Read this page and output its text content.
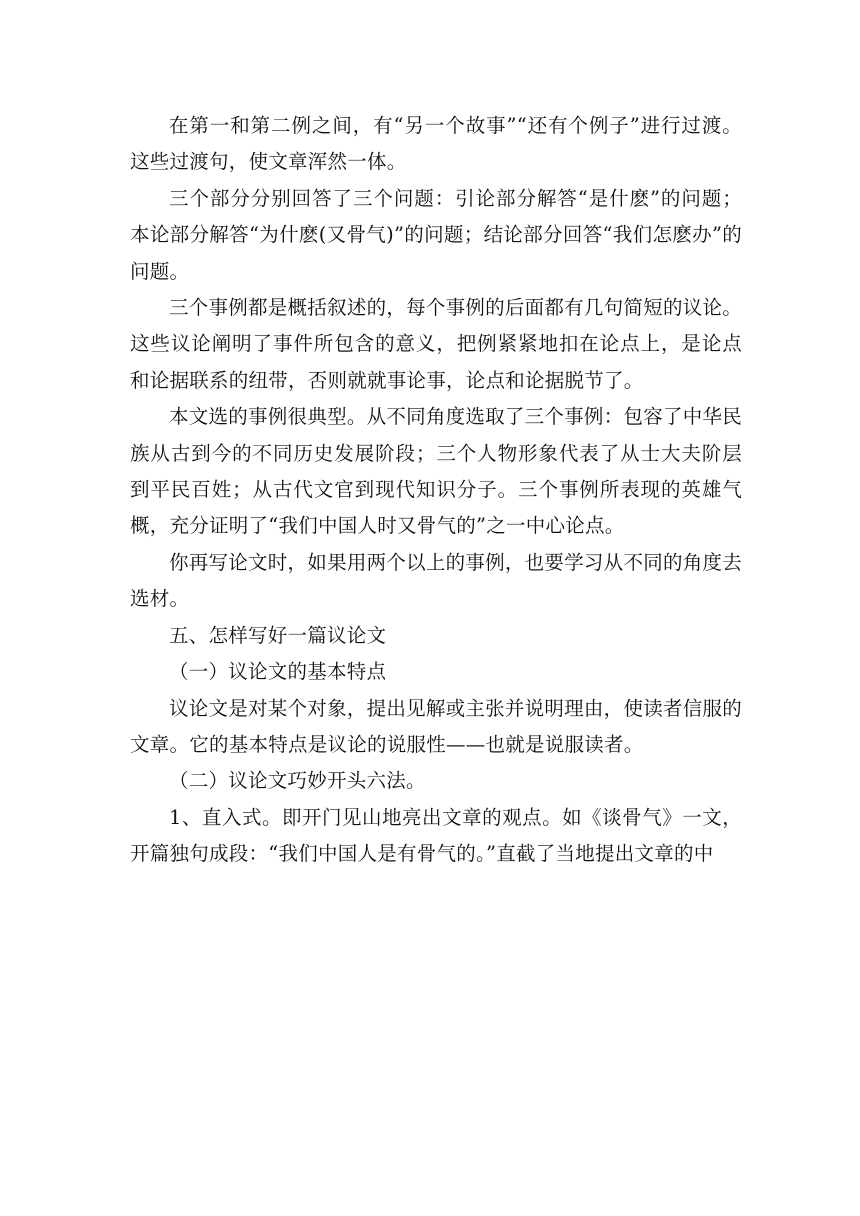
在第一和第二例之间，有“另一个故事”“还有个例子”进行过渡。这些过渡句，使文章浑然一体。

三个部分分别回答了三个问题：引论部分解答“是什麽”的问题；本论部分解答“为什麽(又骨气)”的问题；结论部分回答“我们怎麽办”的问题。

三个事例都是概括叙述的，每个事例的后面都有几句简短的议论。这些议论阐明了事件所包含的意义，把例紧紧地扣在论点上，是论点和论据联系的纽带，否则就就事论事，论点和论据脱节了。

本文选的事例很典型。从不同角度选取了三个事例：包容了中华民族从古到今的不同历史发展阶段；三个人物形象代表了从士大夫阶层到平民百姓；从古代文官到现代知识分子。三个事例所表现的英雄气概，充分证明了“我们中国人时又骨气的”之一中心论点。

你再写论文时，如果用两个以上的事例，也要学习从不同的角度去选材。

五、怎样写好一篇议论文

（一）议论文的基本特点

议论文是对某个对象，提出见解或主张并说明理由，使读者信服的文章。它的基本特点是议论的说服性——也就是说服读者。

（二）议论文巧妙开头六法。

1、直入式。即开门见山地亮出文章的观点。如《谈骨气》一文，开篇独句成段：“我们中国人是有骨气的。”直截了当地提出文章的中
